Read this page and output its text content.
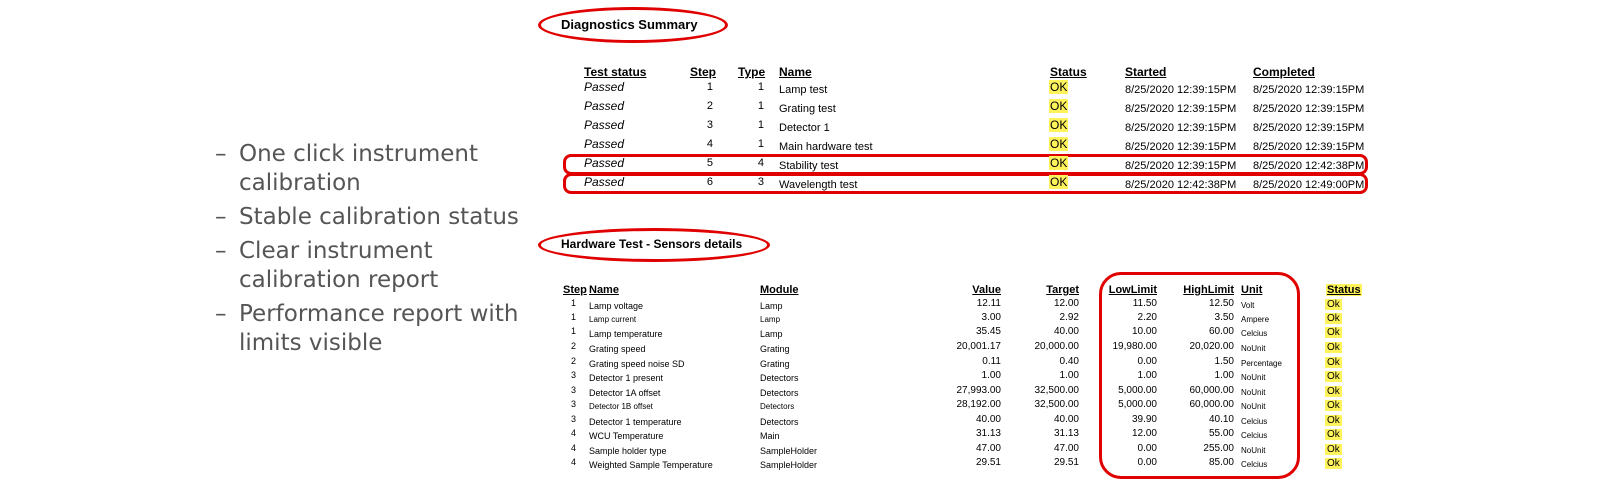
– One click instrument calibration
– Stable calibration status
– Clear instrument calibration report
– Performance report with limits visible
Diagnostics Summary
Test status	Step Type Name	Status	Started	Completed
Passed	1	1 Lamp test	OK	8/25/2020 12:39:15PM 8/25/2020 12:39:15PM
Passed	2	1 Grating test	OK	8/25/2020 12:39:15PM 8/25/2020 12:39:15PM
Passed	3	1 Detector 1	OK	8/25/2020 12:39:15PM 8/25/2020 12:39:15PM
Passed	4	1 Main hardware test	OK	8/25/2020 12:39:15PM 8/25/2020 12:39:15PM
Passed	5	4 Stability test	OK	8/25/2020 12:39:15PM 8/25/2020 12:42:38PM
Passed	6	3 Wavelength test	OK	8/25/2020 12:42:38PM 8/25/2020 12:49:00PM
Hardware Test - Sensors details
Step Name	Module	Value	Target	LowLimit	HighLimit Unit	Status
1 Lamp voltage	Lamp	12.11	12.00	11.50	12.50 Volt	Ok
1 Lamp current	Lamp	3.00	2.92	2.20	3.50 Ampere	Ok
1 Lamp temperature	Lamp	35.45	40.00	10.00	60.00 Celcius	Ok
2 Grating speed	Grating	20,001.17	20,000.00	19,980.00	20,020.00 NoUnit	Ok
2 Grating speed noise SD	Grating	0.11	0.40	0.00	1.50 Percentage	Ok
3 Detector 1 present	Detectors	1.00	1.00	1.00	1.00 NoUnit	Ok
3 Detector 1A offset	Detectors	27,993.00	32,500.00	5,000.00	60,000.00 NoUnit	Ok
3 Detector 1B offset	Detectors	28,192.00	32,500.00	5,000.00	60,000.00 NoUnit	Ok
3 Detector 1 temperature	Detectors	40.00	40.00	39.90	40.10 Celcius	Ok
4 WCU Temperature	Main	31.13	31.13	12.00	55.00 Celcius	Ok
4 Sample holder type	SampleHolder	47.00	47.00	0.00	255.00 NoUnit	Ok
4 Weighted Sample Temperature	SampleHolder	29.51	29.51	0.00	85.00 Celcius	Ok
